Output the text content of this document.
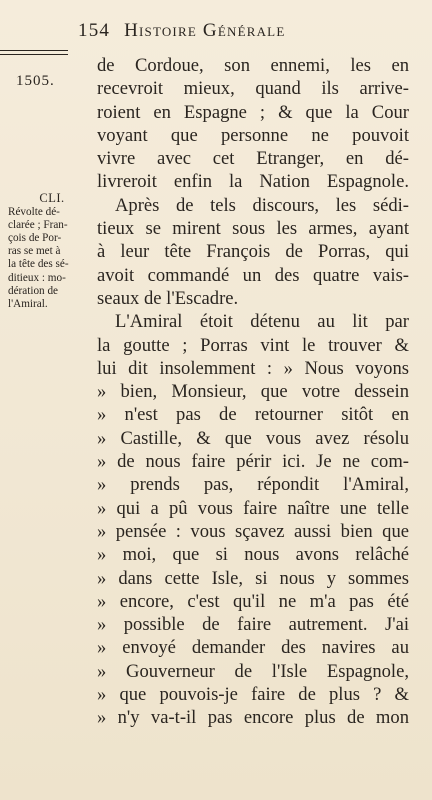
154 Histoire Générale
1505.
CLI.
Révolte dé-
clarée ; Fran-
çois de Por-
ras se met à
la tête des sé-
ditieux : mo-
dération de
l'Amiral.
de Cordoue, son ennemi, les en
recevroit mieux, quand ils arrive-
roient en Espagne ; & que la Cour
voyant que personne ne pouvoit
vivre avec cet Etranger, en dé-
livreroit enfin la Nation Espagnole.
Après de tels discours, les sédi-
tieux se mirent sous les armes, ayant
à leur tête François de Porras, qui
avoit commandé un des quatre vais-
seaux de l'Escadre.
L'Amiral étoit détenu au lit par
la goutte ; Porras vint le trouver &
lui dit insolemment : » Nous voyons
» bien, Monsieur, que votre dessein
» n'est pas de retourner sitôt en
» Castille, & que vous avez résolu
» de nous faire périr ici. Je ne com-
» prends pas, répondit l'Amiral,
» qui a pû vous faire naître une telle
» pensée : vous sçavez aussi bien que
» moi, que si nous avons relâché
» dans cette Isle, si nous y sommes
» encore, c'est qu'il ne m'a pas été
» possible de faire autrement. J'ai
» envoyé demander des navires au
» Gouverneur de l'Isle Espagnole,
» que pouvois-je faire de plus ? &
» n'y va-t-il pas encore plus de mon
